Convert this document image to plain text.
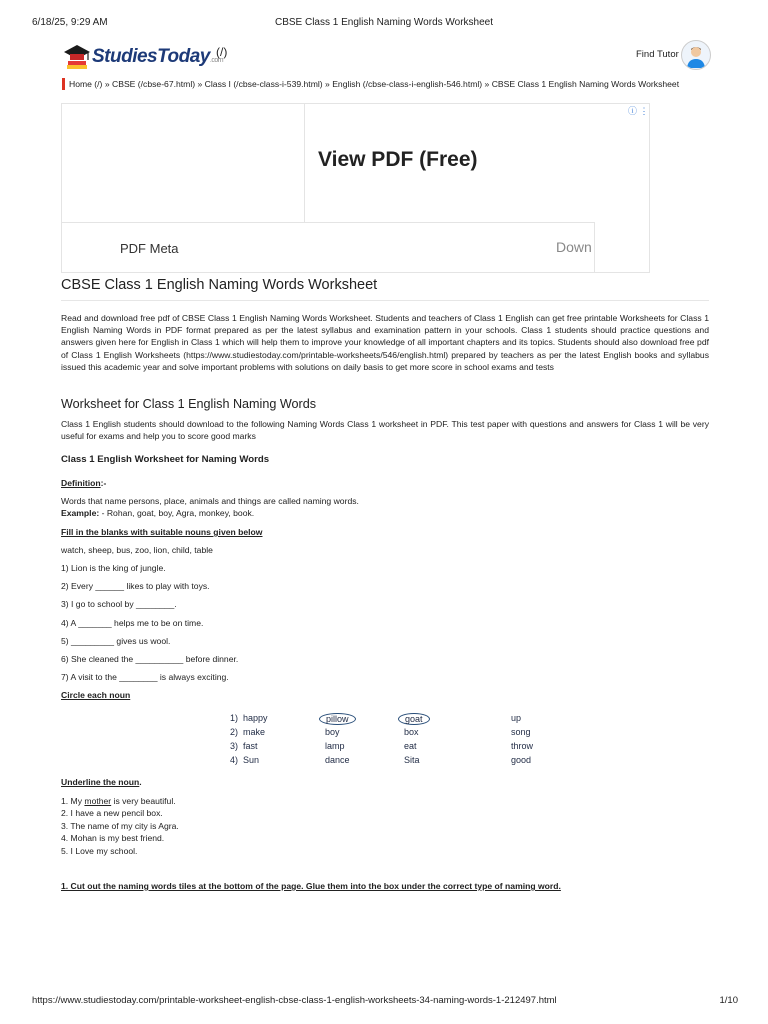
6/18/25, 9:29 AM	CBSE Class 1 English Naming Words Worksheet
StudiesToday.com
(/)	Find Tutor
Home (/) » CBSE (/cbse-67.html) » Class I (/cbse-class-i-539.html) » English (/cbse-class-i-english-546.html) » CBSE Class 1 English Naming Words Worksheet
View PDF (Free)
PDF Meta	Down
ⓘ ⋮
CBSE Class 1 English Naming Words Worksheet

Read and download free pdf of CBSE Class 1 English Naming Words Worksheet. Students and teachers of Class 1 English can get free printable Worksheets for Class 1 English Naming Words in PDF format prepared as per the latest syllabus and examination pattern in your schools. Class 1 students should practice questions and answers given here for English in Class 1 which will help them to improve your knowledge of all important chapters and its topics. Students should also download free pdf of Class 1 English Worksheets (https://www.studiestoday.com/printable-worksheets/546/english.html) prepared by teachers as per the latest English books and syllabus issued this academic year and solve important problems with solutions on daily basis to get more score in school exams and tests

Worksheet for Class 1 English Naming Words

Class 1 English students should download to the following Naming Words Class 1 worksheet in PDF. This test paper with questions and answers for Class 1 will be very useful for exams and help you to score good marks

Class 1 English Worksheet for Naming Words

Definition:-

Words that name persons, place, animals and things are called naming words.

Example: - Rohan, goat, boy, Agra, monkey, book.

Fill in the blanks with suitable nouns given below

watch, sheep, bus, zoo, lion, child, table

1) Lion is the king of jungle.

2) Every ______ likes to play with toys.

3) I go to school by ________.

4) A _______ helps me to be on time.

5) _________ gives us wool.

6) She cleaned the __________ before dinner.

7) A visit to the ________ is always exciting.

Circle each noun

1) happy	pillow	goat	up
2) make	boy	box	song
3) fast	lamp	eat	throw
4) Sun	dance	Sita	good

Underline the noun.

1. My mother is very beautiful.
2. I have a new pencil box.
3. The name of my city is Agra.
4. Mohan is my best friend.
5. I Love my school.

1. Cut out the naming words tiles at the bottom of the page. Glue them into the box under the correct type of naming word.

https://www.studiestoday.com/printable-worksheet-english-cbse-class-1-english-worksheets-34-naming-words-1-212497.html	1/10
